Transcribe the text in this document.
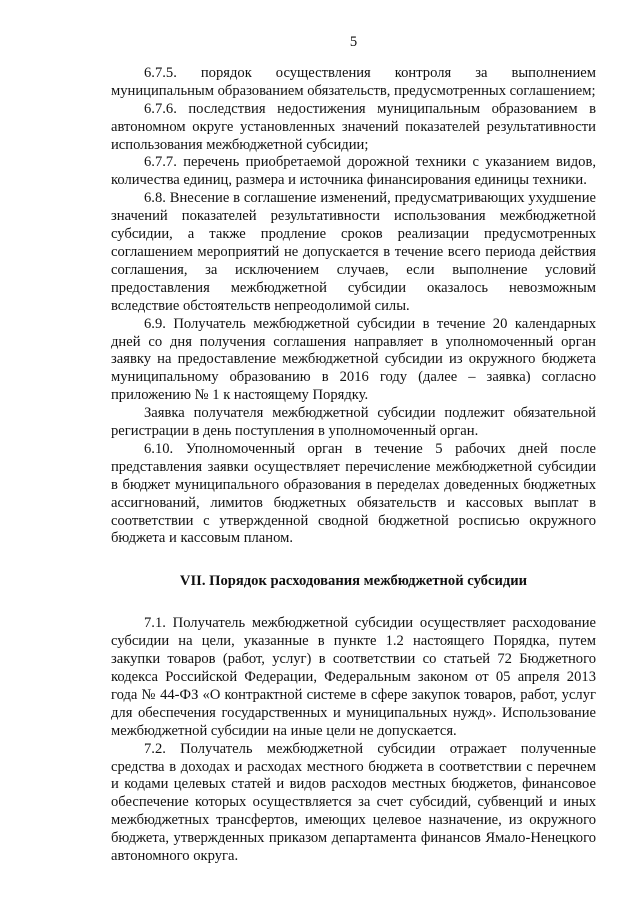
5

6.7.5. порядок осуществления контроля за выполнением муниципальным образованием обязательств, предусмотренных соглашением;

6.7.6. последствия недостижения муниципальным образованием в автономном округе установленных значений показателей результативности использования межбюджетной субсидии;

6.7.7. перечень приобретаемой дорожной техники с указанием видов, количества единиц, размера и источника финансирования единицы техники.

6.8. Внесение в соглашение изменений, предусматривающих ухудшение значений показателей результативности использования межбюджетной субсидии, а также продление сроков реализации предусмотренных соглашением мероприятий не допускается в течение всего периода действия соглашения, за исключением случаев, если выполнение условий предоставления межбюджетной субсидии оказалось невозможным вследствие обстоятельств непреодолимой силы.

6.9. Получатель межбюджетной субсидии в течение 20 календарных дней со дня получения соглашения направляет в уполномоченный орган заявку на предоставление межбюджетной субсидии из окружного бюджета муниципальному образованию в 2016 году (далее – заявка) согласно приложению № 1 к настоящему Порядку.

Заявка получателя межбюджетной субсидии подлежит обязательной регистрации в день поступления в уполномоченный орган.

6.10. Уполномоченный орган в течение 5 рабочих дней после представления заявки осуществляет перечисление межбюджетной субсидии в бюджет муниципального образования в переделах доведенных бюджетных ассигнований, лимитов бюджетных обязательств и кассовых выплат в соответствии с утвержденной сводной бюджетной росписью окружного бюджета и кассовым планом.

VII. Порядок расходования межбюджетной субсидии

7.1. Получатель межбюджетной субсидии осуществляет расходование субсидии на цели, указанные в пункте 1.2 настоящего Порядка, путем закупки товаров (работ, услуг) в соответствии со статьей 72 Бюджетного кодекса Российской Федерации, Федеральным законом от 05 апреля 2013 года № 44-ФЗ «О контрактной системе в сфере закупок товаров, работ, услуг для обеспечения государственных и муниципальных нужд». Использование межбюджетной субсидии на иные цели не допускается.

7.2. Получатель межбюджетной субсидии отражает полученные средства в доходах и расходах местного бюджета в соответствии с перечнем и кодами целевых статей и видов расходов местных бюджетов, финансовое обеспечение которых осуществляется за счет субсидий, субвенций и иных межбюджетных трансфертов, имеющих целевое назначение, из окружного бюджета, утвержденных приказом департамента финансов Ямало-Ненецкого автономного округа.
